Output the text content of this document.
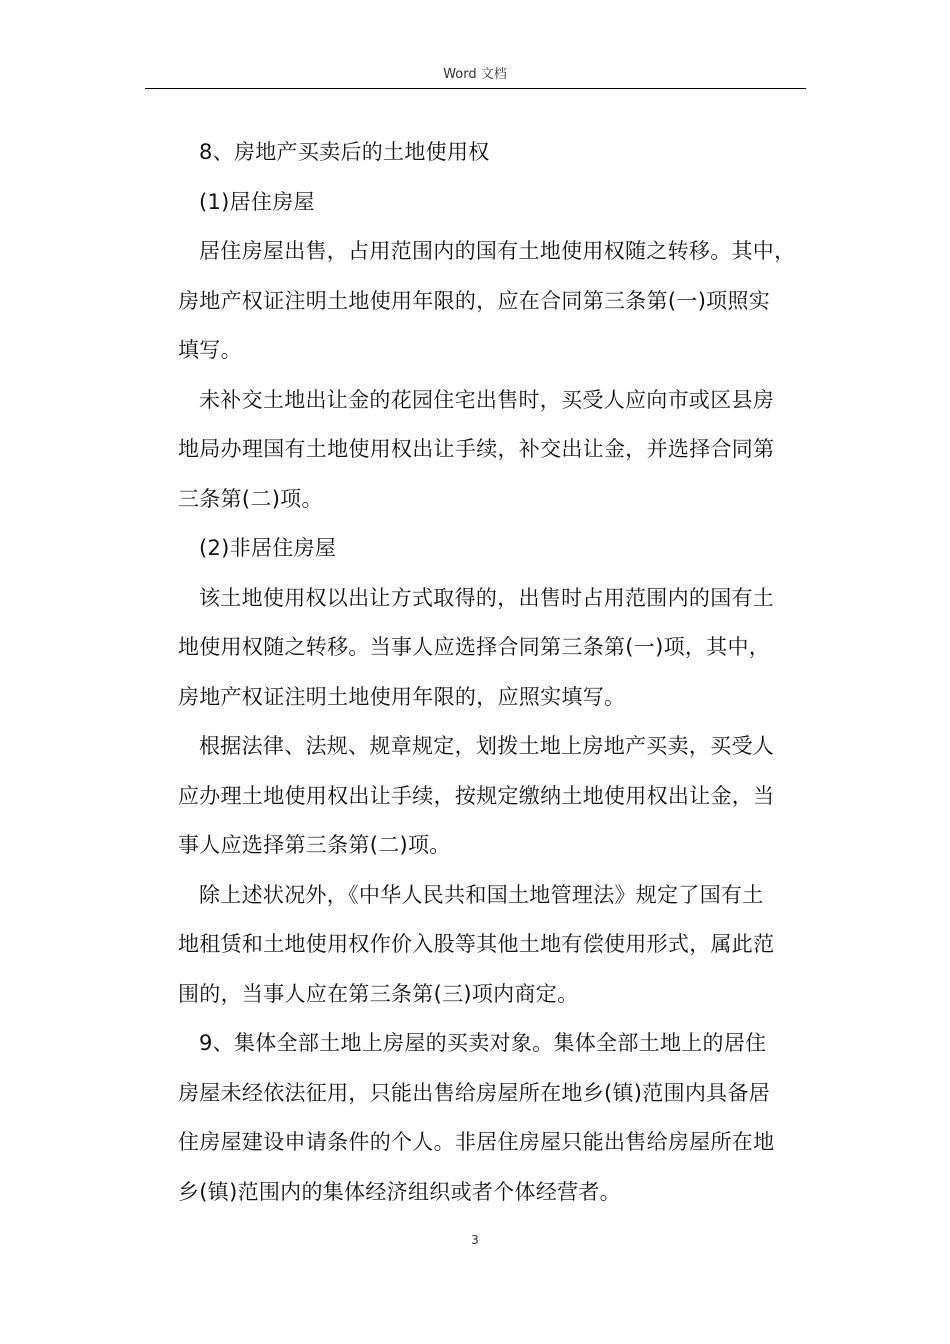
Word 文档

8、房地产买卖后的土地使用权

(1)居住房屋

居住房屋出售，占用范围内的国有土地使用权随之转移。其中，
房地产权证注明土地使用年限的，应在合同第三条第(一)项照实
填写。

未补交土地出让金的花园住宅出售时，买受人应向市或区县房
地局办理国有土地使用权出让手续，补交出让金，并选择合同第
三条第(二)项。

(2)非居住房屋

该土地使用权以出让方式取得的，出售时占用范围内的国有土
地使用权随之转移。当事人应选择合同第三条第(一)项，其中，
房地产权证注明土地使用年限的，应照实填写。

根据法律、法规、规章规定，划拨土地上房地产买卖，买受人
应办理土地使用权出让手续，按规定缴纳土地使用权出让金，当
事人应选择第三条第(二)项。

除上述状况外，《中华人民共和国土地管理法》规定了国有土
地租赁和土地使用权作价入股等其他土地有偿使用形式，属此范
围的，当事人应在第三条第(三)项内商定。

9、集体全部土地上房屋的买卖对象。集体全部土地上的居住
房屋未经依法征用，只能出售给房屋所在地乡(镇)范围内具备居
住房屋建设申请条件的个人。非居住房屋只能出售给房屋所在地
乡(镇)范围内的集体经济组织或者个体经营者。

3
